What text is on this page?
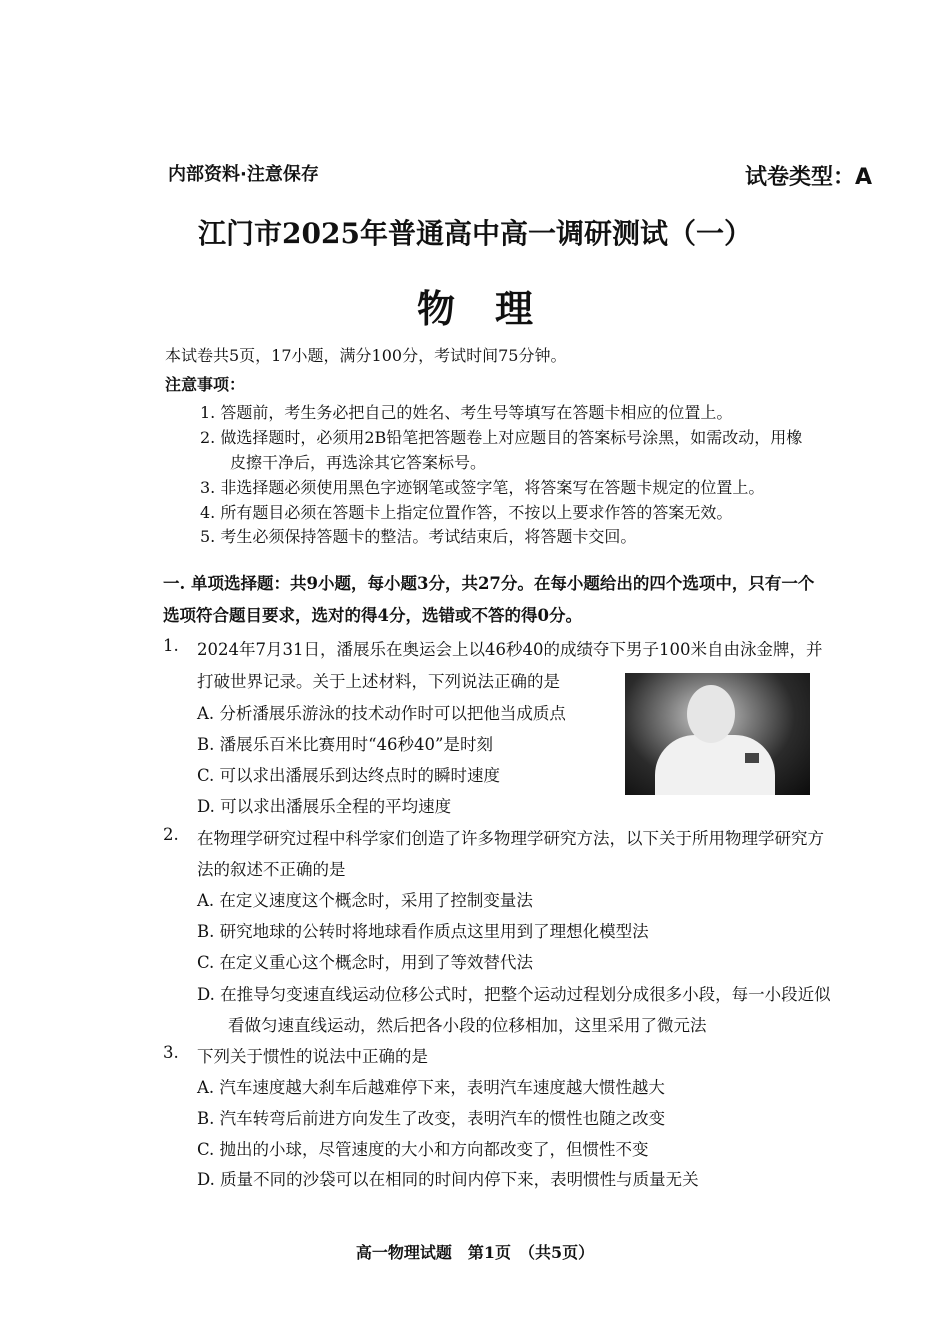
内部资料·注意保存	试卷类型：A
江门市2025年普通高中高一调研测试（一）
物理
本试卷共5页，17小题，满分100分，考试时间75分钟。
注意事项：
1. 答题前，考生务必把自己的姓名、考生号等填写在答题卡相应的位置上。
2. 做选择题时，必须用2B铅笔把答题卷上对应题目的答案标号涂黑，如需改动，用橡
皮擦干净后，再选涂其它答案标号。
3. 非选择题必须使用黑色字迹钢笔或签字笔，将答案写在答题卡规定的位置上。
4. 所有题目必须在答题卡上指定位置作答，不按以上要求作答的答案无效。
5. 考生必须保持答题卡的整洁。考试结束后，将答题卡交回。
一. 单项选择题：共9小题，每小题3分，共27分。在每小题给出的四个选项中，只有一个
选项符合题目要求，选对的得4分，选错或不答的得0分。
1. 2024年7月31日，潘展乐在奥运会上以46秒40的成绩夺下男子100米自由泳金牌，并
打破世界记录。关于上述材料，下列说法正确的是
A. 分析潘展乐游泳的技术动作时可以把他当成质点
B. 潘展乐百米比赛用时“46秒40”是时刻
C. 可以求出潘展乐到达终点时的瞬时速度
D. 可以求出潘展乐全程的平均速度
2. 在物理学研究过程中科学家们创造了许多物理学研究方法，以下关于所用物理学研究方
法的叙述不正确的是
A. 在定义速度这个概念时，采用了控制变量法
B. 研究地球的公转时将地球看作质点这里用到了理想化模型法
C. 在定义重心这个概念时，用到了等效替代法
D. 在推导匀变速直线运动位移公式时，把整个运动过程划分成很多小段，每一小段近似
看做匀速直线运动，然后把各小段的位移相加，这里采用了微元法
3. 下列关于惯性的说法中正确的是
A. 汽车速度越大刹车后越难停下来，表明汽车速度越大惯性越大
B. 汽车转弯后前进方向发生了改变，表明汽车的惯性也随之改变
C. 抛出的小球，尽管速度的大小和方向都改变了，但惯性不变
D. 质量不同的沙袋可以在相同的时间内停下来，表明惯性与质量无关
高一物理试题　第1页　（共5页）
